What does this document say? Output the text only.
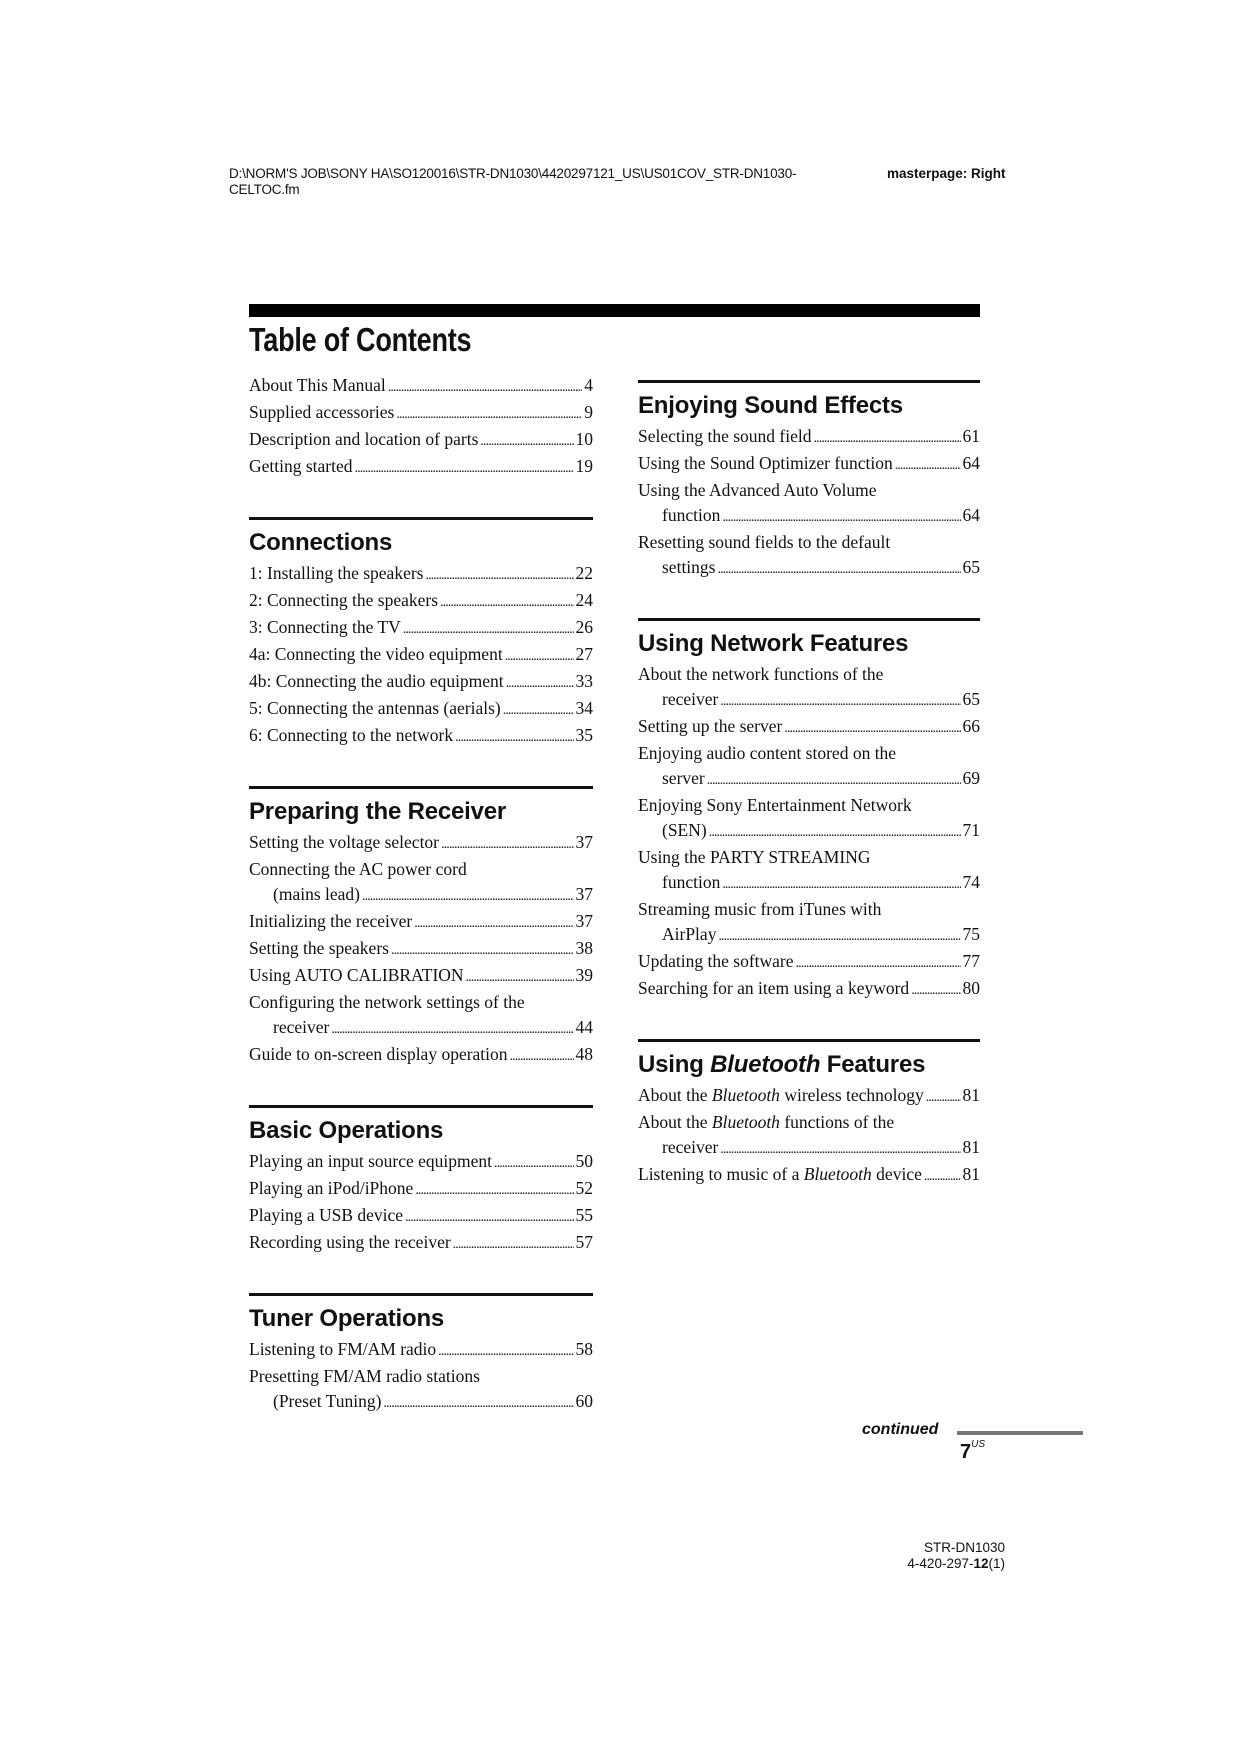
D:\NORM'S JOB\SONY HA\SO120016\STR-DN1030\4420297121_US\US01COV_STR-DN1030-
CELTOC.fm
masterpage: Right
Table of Contents
About This Manual . . .	4
Supplied accessories . . .	9
Description and location of parts . . .	10
Getting started . . .	19
Connections
1: Installing the speakers . . .	22
2: Connecting the speakers . . .	24
3: Connecting the TV . . .	26
4a: Connecting the video equipment . . .	27
4b: Connecting the audio equipment . . .	33
5: Connecting the antennas (aerials) . . .	34
6: Connecting to the network . . .	35
Preparing the Receiver
Setting the voltage selector . . .	37
Connecting the AC power cord
(mains lead) . . .	37
Initializing the receiver . . .	37
Setting the speakers . . .	38
Using AUTO CALIBRATION . . .	39
Configuring the network settings of the
receiver . . .	44
Guide to on-screen display operation . . .	48
Basic Operations
Playing an input source equipment . . .	50
Playing an iPod/iPhone . . .	52
Playing a USB device . . .	55
Recording using the receiver . . .	57
Tuner Operations
Listening to FM/AM radio . . .	58
Presetting FM/AM radio stations
(Preset Tuning) . . .	60
Enjoying Sound Effects
Selecting the sound field . . .	61
Using the Sound Optimizer function . . .	64
Using the Advanced Auto Volume
function . . .	64
Resetting sound fields to the default
settings . . .	65
Using Network Features
About the network functions of the
receiver . . .	65
Setting up the server . . .	66
Enjoying audio content stored on the
server . . .	69
Enjoying Sony Entertainment Network
(SEN) . . .	71
Using the PARTY STREAMING
function . . .	74
Streaming music from iTunes with
AirPlay . . .	75
Updating the software . . .	77
Searching for an item using a keyword . . .	80
Using Bluetooth Features
About the Bluetooth wireless technology . . . 81
About the Bluetooth functions of the
receiver . . .	81
Listening to music of a Bluetooth device . . . 81
continued
$7^{US}$
STR-DN1030
4-420-297-12(1)
